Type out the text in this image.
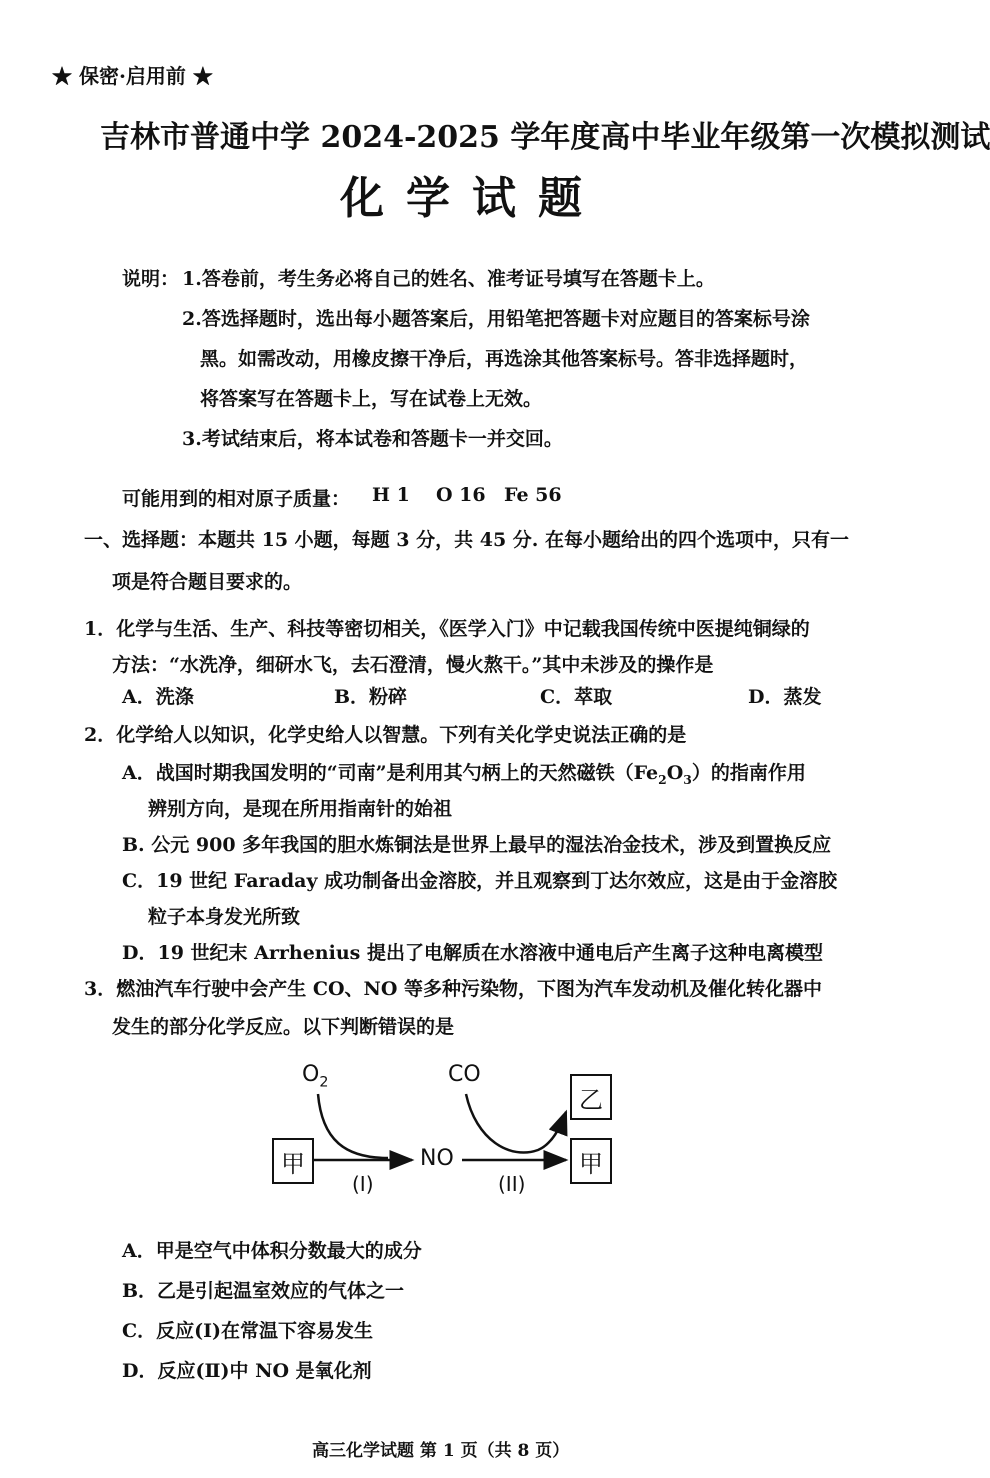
★ 保密·启用前 ★
吉林市普通中学 2024-2025 学年度高中毕业年级第一次模拟测试
化学试题
说明： 1.答卷前，考生务必将自己的姓名、准考证号填写在答题卡上。
2.答选择题时，选出每小题答案后，用铅笔把答题卡对应题目的答案标号涂
黑。如需改动，用橡皮擦干净后，再选涂其他答案标号。答非选择题时，
将答案写在答题卡上，写在试卷上无效。
3.考试结束后，将本试卷和答题卡一并交回。
可能用到的相对原子质量： H 1 O 16 Fe 56
一、选择题：本题共 15 小题，每题 3 分，共 45 分. 在每小题给出的四个选项中，只有一
项是符合题目要求的。
1．化学与生活、生产、科技等密切相关，《医学入门》中记载我国传统中医提纯铜绿的
方法：“水洗净，细研水飞，去石澄清，慢火熬干。”其中未涉及的操作是
A．洗涤	B．粉碎	C．萃取	D．蒸发
2．化学给人以知识，化学史给人以智慧。下列有关化学史说法正确的是
A．战国时期我国发明的“司南”是利用其勺柄上的天然磁铁$(Fe_2O_3)$的指南作用
辨别方向，是现在所用指南针的始祖
B. 公元 900 多年我国的胆水炼铜法是世界上最早的湿法冶金技术，涉及到置换反应
C．19 世纪 Faraday 成功制备出金溶胶，并且观察到丁达尔效应，这是由于金溶胶
粒子本身发光所致
D．19 世纪末 Arrhenius 提出了电解质在水溶液中通电后产生离子这种电离模型
3．燃油汽车行驶中会产生 CO、NO 等多种污染物，下图为汽车发动机及催化转化器中
发生的部分化学反应。以下判断错误的是
$O_2$	CO
甲	NO
乙
甲
(I)	(II)
A．甲是空气中体积分数最大的成分
B．乙是引起温室效应的气体之一
C．反应(Ⅰ)在常温下容易发生
D．反应(Ⅱ)中 NO 是氧化剂
高三化学试题 第 1 页（共 8 页）
